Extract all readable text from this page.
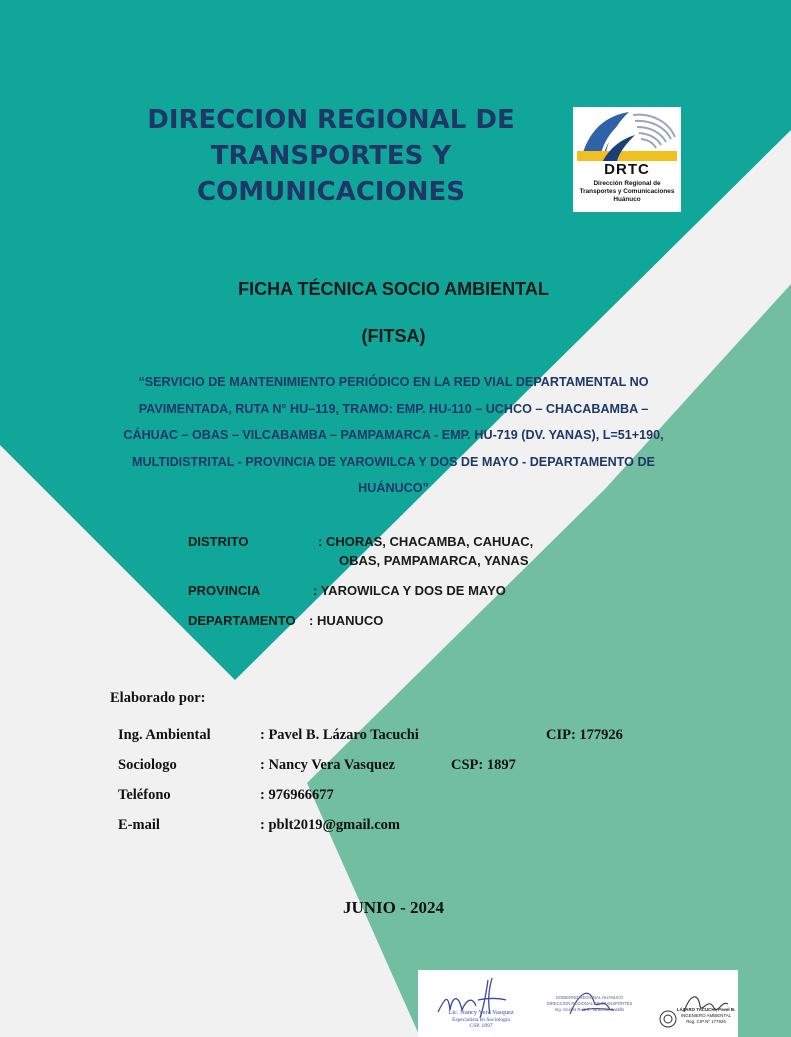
DIRECCION REGIONAL DE
TRANSPORTES Y
COMUNICACIONES
DRTC
Dirección Regional de
Transportes y Comunicaciones
Huánuco
FICHA TÉCNICA SOCIO AMBIENTAL
(FITSA)
“SERVICIO DE MANTENIMIENTO PERIÓDICO EN LA RED VIAL DEPARTAMENTAL NO
PAVIMENTADA, RUTA N° HU–119, TRAMO: EMP. HU-110 – UCHCO – CHACABAMBA –
CÁHUAC – OBAS – VILCABAMBA – PAMPAMARCA - EMP. HU-719 (DV. YANAS), L=51+190,
MULTIDISTRITAL - PROVINCIA DE YAROWILCA Y DOS DE MAYO - DEPARTAMENTO DE
HUÁNUCO”
DISTRITO	: CHORAS, CHACAMBA, CAHUAC,
OBAS, PAMPAMARCA, YANAS
PROVINCIA	: YAROWILCA Y DOS DE MAYO
DEPARTAMENTO : HUANUCO
Elaborado por:
Ing. Ambiental	: Pavel B. Lázaro Tacuchi	CIP: 177926
Sociologo	: Nancy Vera Vasquez	CSP: 1897
Teléfono	: 976966677
E-mail	: pblt2019@gmail.com
JUNIO - 2024
Lic. Nancy Vera Vasquez
Especialista en Sociología
CSP. 1897
GOBIERNO REGIONAL HUANUCO
DIRECCION REGIONAL DE TRANSPORTES
Ing. Alcides Ruiz E. Tarazona Castillo	LÁZARO TACUCHI, Pavel B.
INGENIERO AMBIENTAL
Reg. CIP Nº 177926
